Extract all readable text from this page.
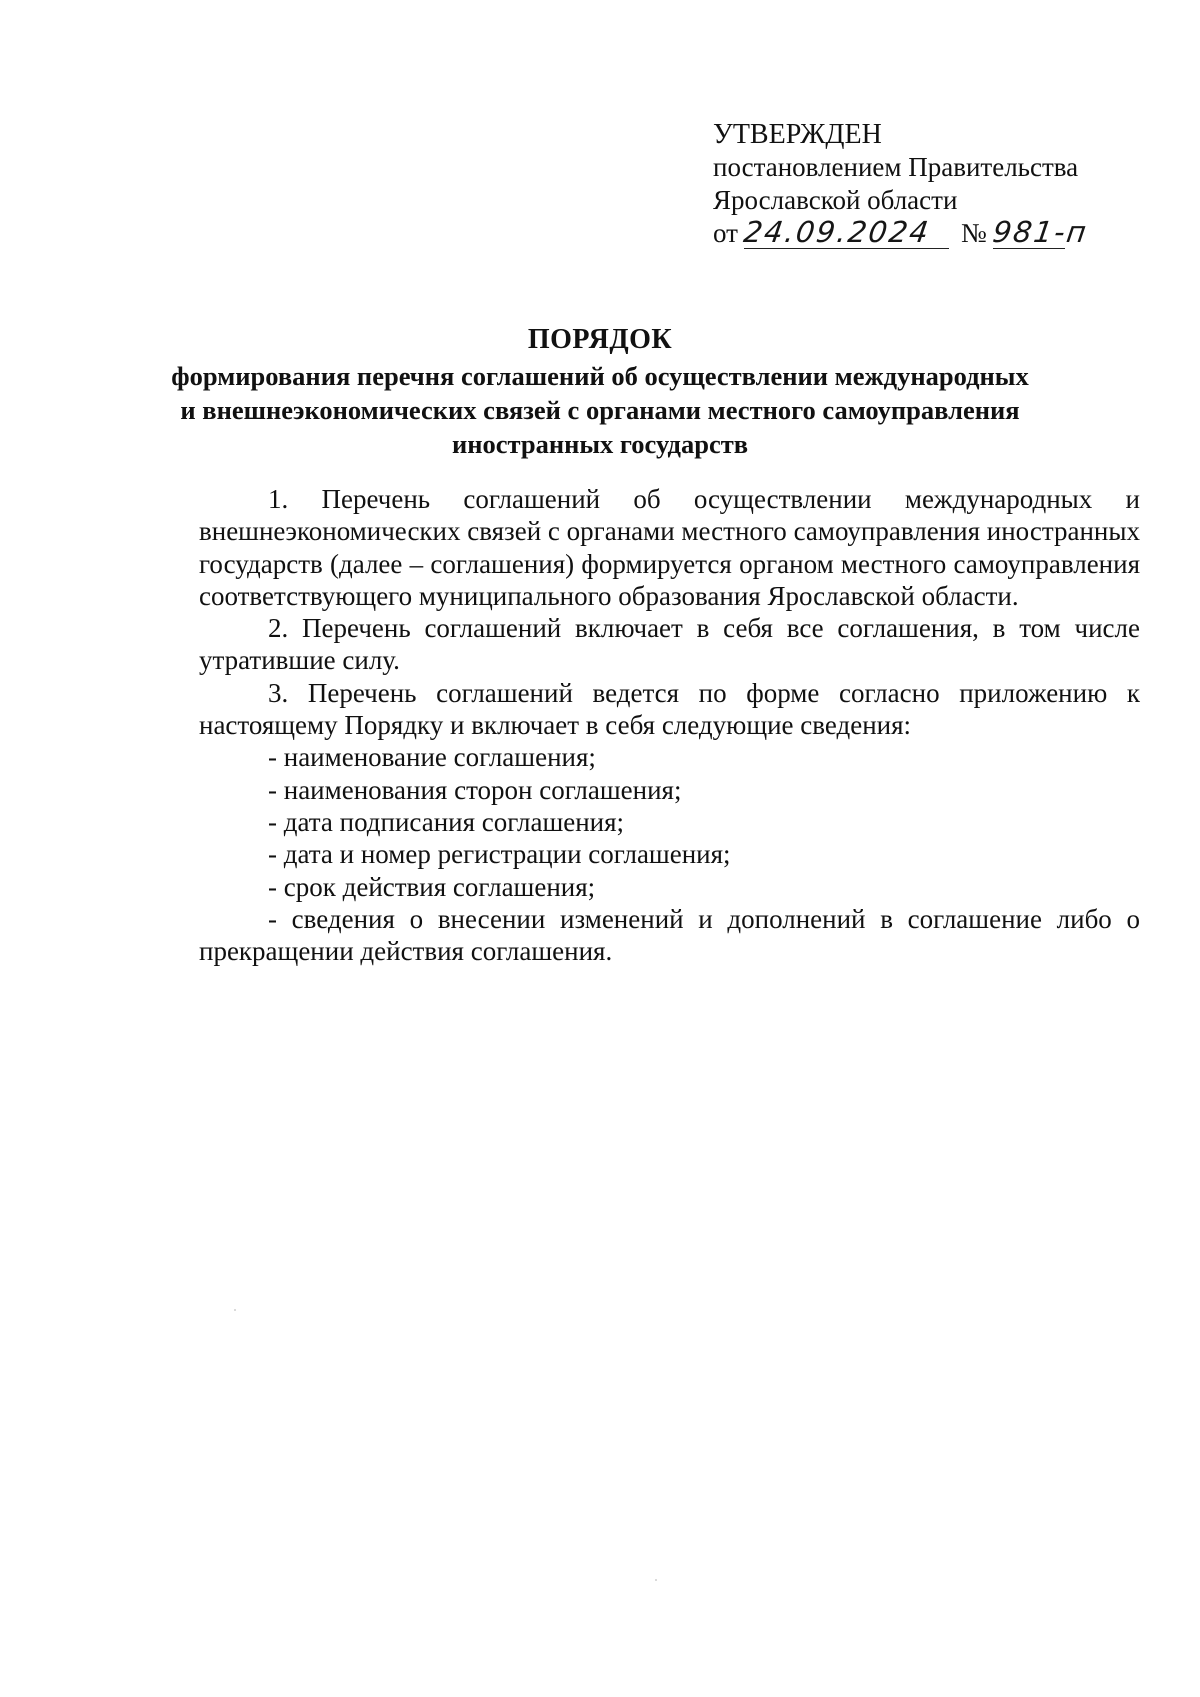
УТВЕРЖДЕН
постановлением Правительства
Ярославской области
от 24.09.2024 № 981-п
ПОРЯДОК
формирования перечня соглашений об осуществлении международных
и внешнеэкономических связей с органами местного самоуправления
иностранных государств

1. Перечень соглашений об осуществлении международных и внешнеэкономических связей с органами местного самоуправления иностранных государств (далее – соглашения) формируется органом местного самоуправления соответствующего муниципального образования Ярославской области.

2. Перечень соглашений включает в себя все соглашения, в том числе утратившие силу.

3. Перечень соглашений ведется по форме согласно приложению к настоящему Порядку и включает в себя следующие сведения:

- наименование соглашения;

- наименования сторон соглашения;

- дата подписания соглашения;

- дата и номер регистрации соглашения;

- срок действия соглашения;

- сведения о внесении изменений и дополнений в соглашение либо о прекращении действия соглашения.
